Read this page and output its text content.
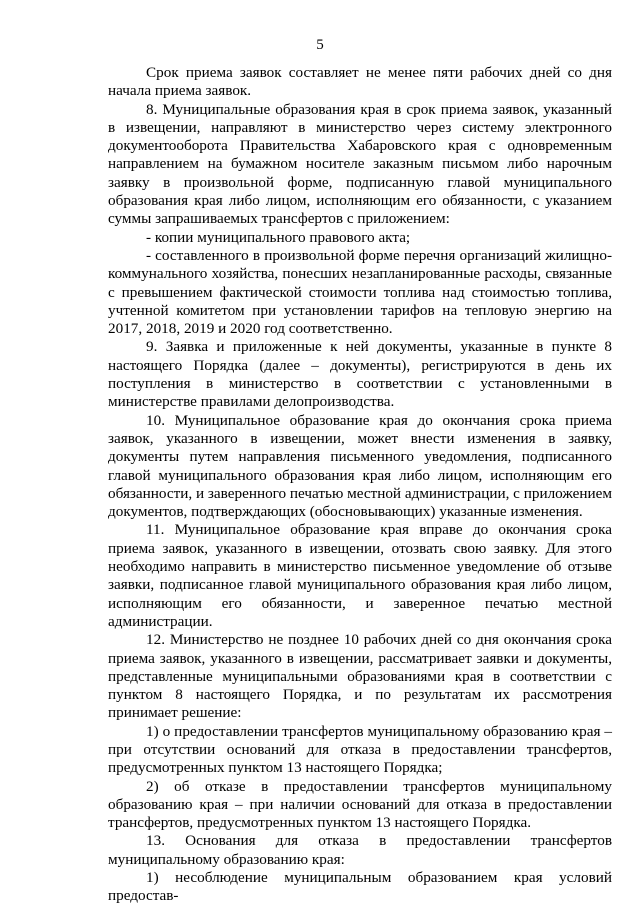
5

Срок приема заявок составляет не менее пяти рабочих дней со дня начала приема заявок.

8. Муниципальные образования края в срок приема заявок, указанный в извещении, направляют в министерство через систему электронного документооборота Правительства Хабаровского края с одновременным направлением на бумажном носителе заказным письмом либо нарочным заявку в произвольной форме, подписанную главой муниципального образования края либо лицом, исполняющим его обязанности, с указанием суммы запрашиваемых трансфертов с приложением:

- копии муниципального правового акта;

- составленного в произвольной форме перечня организаций жилищно-коммунального хозяйства, понесших незапланированные расходы, связанные с превышением фактической стоимости топлива над стоимостью топлива, учтенной комитетом при установлении тарифов на тепловую энергию на 2017, 2018, 2019 и 2020 год соответственно.

9. Заявка и приложенные к ней документы, указанные в пункте 8 настоящего Порядка (далее – документы), регистрируются в день их поступления в министерство в соответствии с установленными в министерстве правилами делопроизводства.

10. Муниципальное образование края до окончания срока приема заявок, указанного в извещении, может внести изменения в заявку, документы путем направления письменного уведомления, подписанного главой муниципального образования края либо лицом, исполняющим его обязанности, и заверенного печатью местной администрации, с приложением документов, подтверждающих (обосновывающих) указанные изменения.

11. Муниципальное образование края вправе до окончания срока приема заявок, указанного в извещении, отозвать свою заявку. Для этого необходимо направить в министерство письменное уведомление об отзыве заявки, подписанное главой муниципального образования края либо лицом, исполняющим его обязанности, и заверенное печатью местной администрации.

12. Министерство не позднее 10 рабочих дней со дня окончания срока приема заявок, указанного в извещении, рассматривает заявки и документы, представленные муниципальными образованиями края в соответствии с пунктом 8 настоящего Порядка, и по результатам их рассмотрения принимает решение:

1) о предоставлении трансфертов муниципальному образованию края – при отсутствии оснований для отказа в предоставлении трансфертов, предусмотренных пунктом 13 настоящего Порядка;

2) об отказе в предоставлении трансфертов муниципальному образованию края – при наличии оснований для отказа в предоставлении трансфертов, предусмотренных пунктом 13 настоящего Порядка.

13. Основания для отказа в предоставлении трансфертов муниципальному образованию края:

1) несоблюдение муниципальным образованием края условий предостав-
